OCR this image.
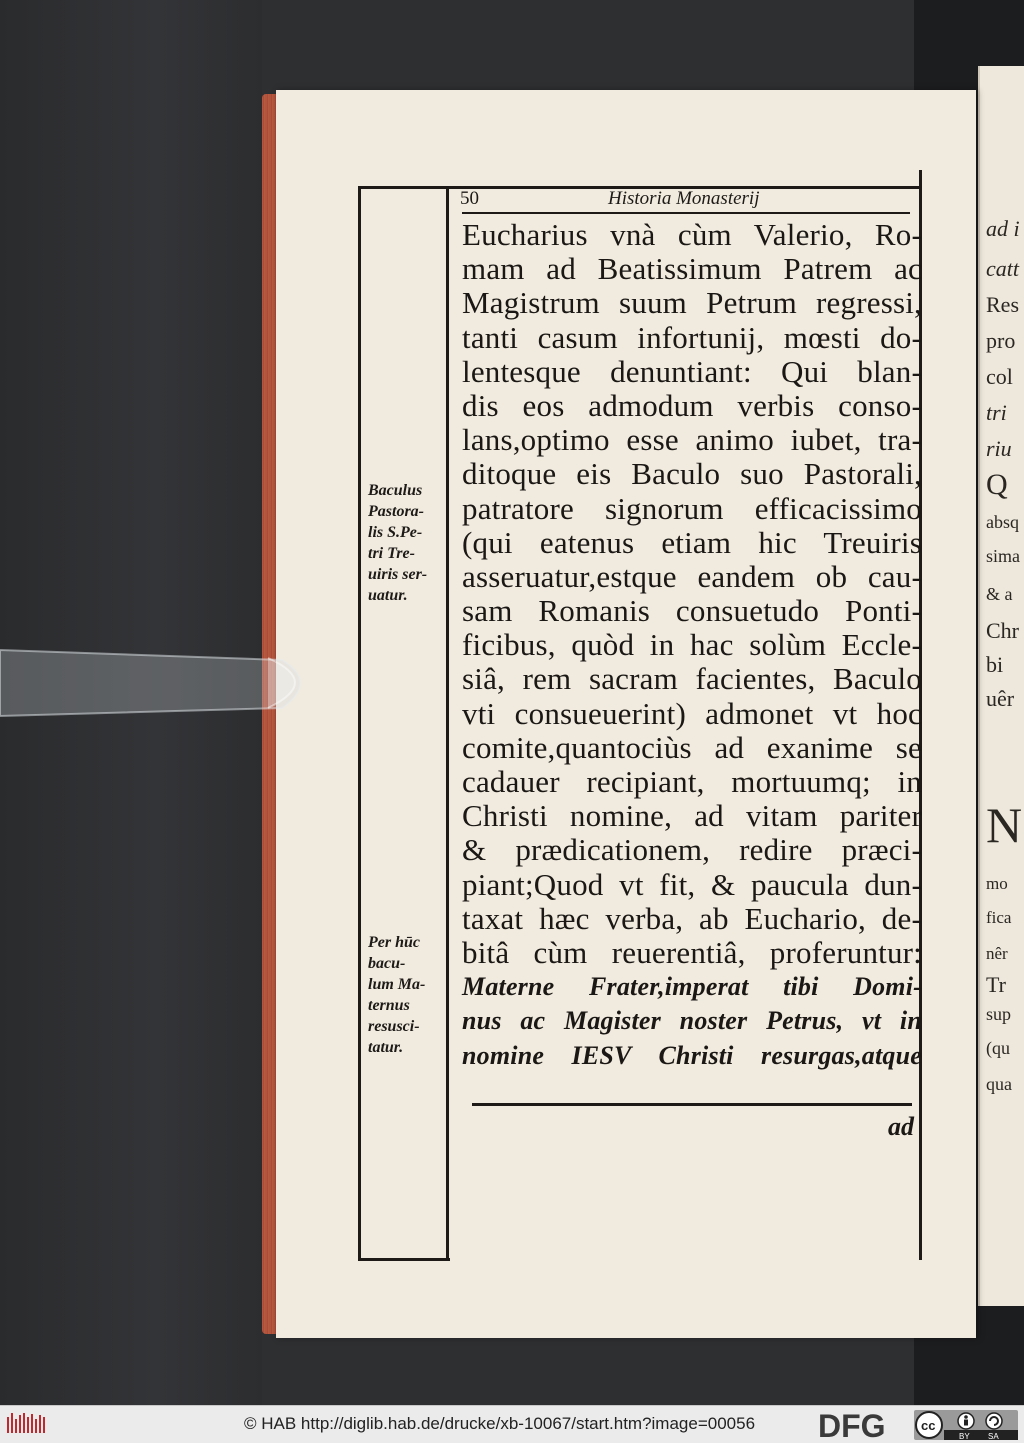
ad i
catt
Res
pro
col
tri
riu
Q
absq
sima
& a
Chr
bi
uêr
N
mo
fica
nêr
Tr
sup
(qu
qua
50	Historia Monasterij
Eucharius vnà cùm Valerio, Ro-
mam ad Beatissimum Patrem ac
Magistrum suum Petrum regressi,
tanti casum infortunij, mœsti do-
lentesque denuntiant: Qui blan-
dis eos admodum verbis conso-
lans,optimo esse animo iubet, tra-
ditoque eis Baculo suo Pastorali,
patratore signorum efficacissimo
(qui eatenus etiam hic Treuiris
asseruatur,estque eandem ob cau-
sam Romanis consuetudo Ponti-
ficibus, quòd in hac solùm Eccle-
siâ, rem sacram facientes, Baculo
vti consueuerint) admonet vt hoc
comite,quantociùs ad exanime se
cadauer recipiant, mortuumq; in
Christi nomine, ad vitam pariter
& prædicationem, redire præci-
piant;Quod vt fit, & paucula dun-
taxat hæc verba, ab Euchario, de-
bitâ cùm reuerentiâ, proferuntur:
Materne Frater,imperat tibi Domi-
nus ac Magister noster Petrus, vt in
nomine IESV Christi resurgas,atque
ad
Baculus
Pastora-
lis S.Pe-
tri Tre-
uiris ser-
uatur.
Per hūc
bacu-
lum Ma-
ternus
resusci-
tatur.
© HAB http://diglib.hab.de/drucke/xb-10067/start.htm?image=00056 DFG	cc
BY SA
